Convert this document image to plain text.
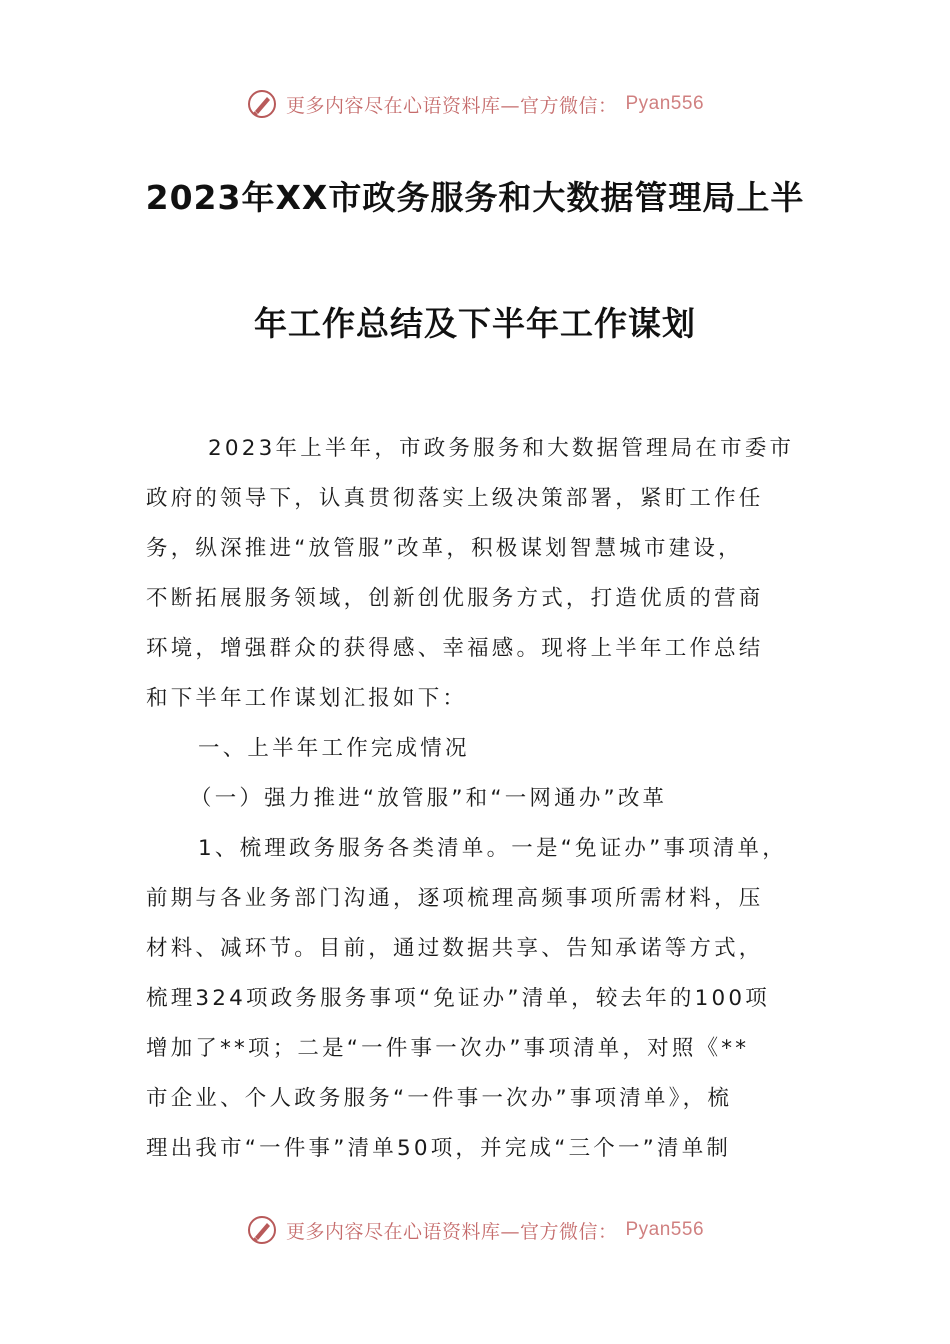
更多内容尽在心语资料库—官方微信： Pyan556
2023年XX市政务服务和大数据管理局上半
年工作总结及下半年工作谋划
2023年上半年，市政务服务和大数据管理局在市委市
政府的领导下，认真贯彻落实上级决策部署，紧盯工作任
务，纵深推进“放管服”改革，积极谋划智慧城市建设，
不断拓展服务领域，创新创优服务方式，打造优质的营商
环境，增强群众的获得感、幸福感。现将上半年工作总结
和下半年工作谋划汇报如下：
一、上半年工作完成情况
（一）强力推进“放管服”和“一网通办”改革
1、梳理政务服务各类清单。一是“免证办”事项清单，
前期与各业务部门沟通，逐项梳理高频事项所需材料，压
材料、减环节。目前，通过数据共享、告知承诺等方式，
梳理324项政务服务事项“免证办”清单，较去年的100项
增加了**项；二是“一件事一次办”事项清单，对照《**
市企业、个人政务服务“一件事一次办”事项清单》，梳
理出我市“一件事”清单50项，并完成“三个一”清单制
更多内容尽在心语资料库—官方微信： Pyan556
